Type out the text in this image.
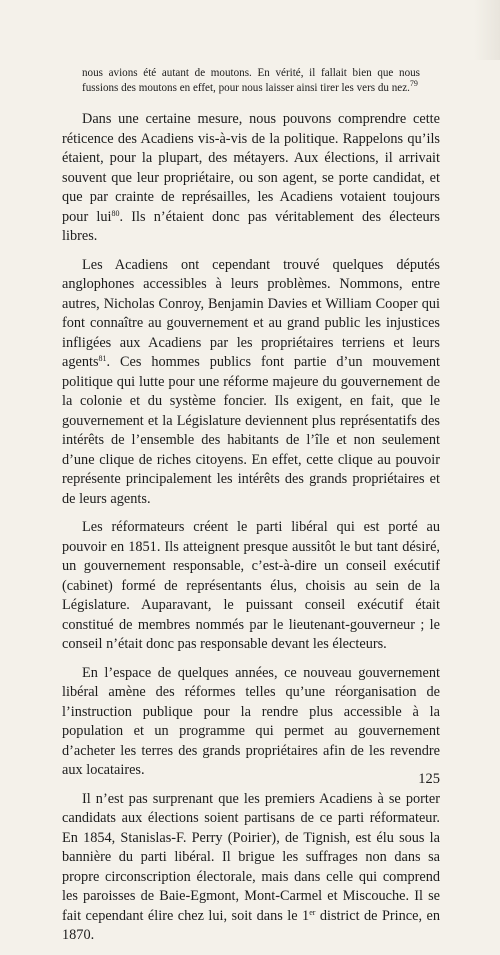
nous avions été autant de moutons. En vérité, il fallait bien que nous fussions des moutons en effet, pour nous laisser ainsi tirer les vers du nez.$^{79}$

Dans une certaine mesure, nous pouvons comprendre cette réticence des Acadiens vis-à-vis de la politique. Rappelons qu’ils étaient, pour la plupart, des métayers. Aux élections, il arrivait souvent que leur propriétaire, ou son agent, se porte candidat, et que par crainte de représailles, les Acadiens votaient toujours pour lui$^{80}$. Ils n’étaient donc pas véritablement des électeurs libres.

Les Acadiens ont cependant trouvé quelques députés anglophones accessibles à leurs problèmes. Nommons, entre autres, Nicholas Conroy, Benjamin Davies et William Cooper qui font connaître au gouvernement et au grand public les injustices infligées aux Acadiens par les propriétaires terriens et leurs agents$^{81}$. Ces hommes publics font partie d’un mouvement politique qui lutte pour une réforme majeure du gouvernement de la colonie et du système foncier. Ils exigent, en fait, que le gouvernement et la Législature deviennent plus représentatifs des intérêts de l’ensemble des habitants de l’île et non seulement d’une clique de riches citoyens. En effet, cette clique au pouvoir représente principalement les intérêts des grands propriétaires et de leurs agents.

Les réformateurs créent le parti libéral qui est porté au pouvoir en 1851. Ils atteignent presque aussitôt le but tant désiré, un gouvernement responsable, c’est-à-dire un conseil exécutif (cabinet) formé de représentants élus, choisis au sein de la Législature. Auparavant, le puissant conseil exécutif était constitué de membres nommés par le lieutenant-gouverneur ; le conseil n’était donc pas responsable devant les électeurs.

En l’espace de quelques années, ce nouveau gouvernement libéral amène des réformes telles qu’une réorganisation de l’instruction publique pour la rendre plus accessible à la population et un programme qui permet au gouvernement d’acheter les terres des grands propriétaires afin de les revendre aux locataires.

Il n’est pas surprenant que les premiers Acadiens à se porter candidats aux élections soient partisans de ce parti réformateur. En 1854, Stanislas-F. Perry (Poirier), de Tignish, est élu sous la bannière du parti libéral. Il brigue les suffrages non dans sa propre circonscription électorale, mais dans celle qui comprend les paroisses de Baie-Egmont, Mont-Carmel et Miscouche. Il se fait cependant élire chez lui, soit dans le 1er district de Prince, en 1870.

125
